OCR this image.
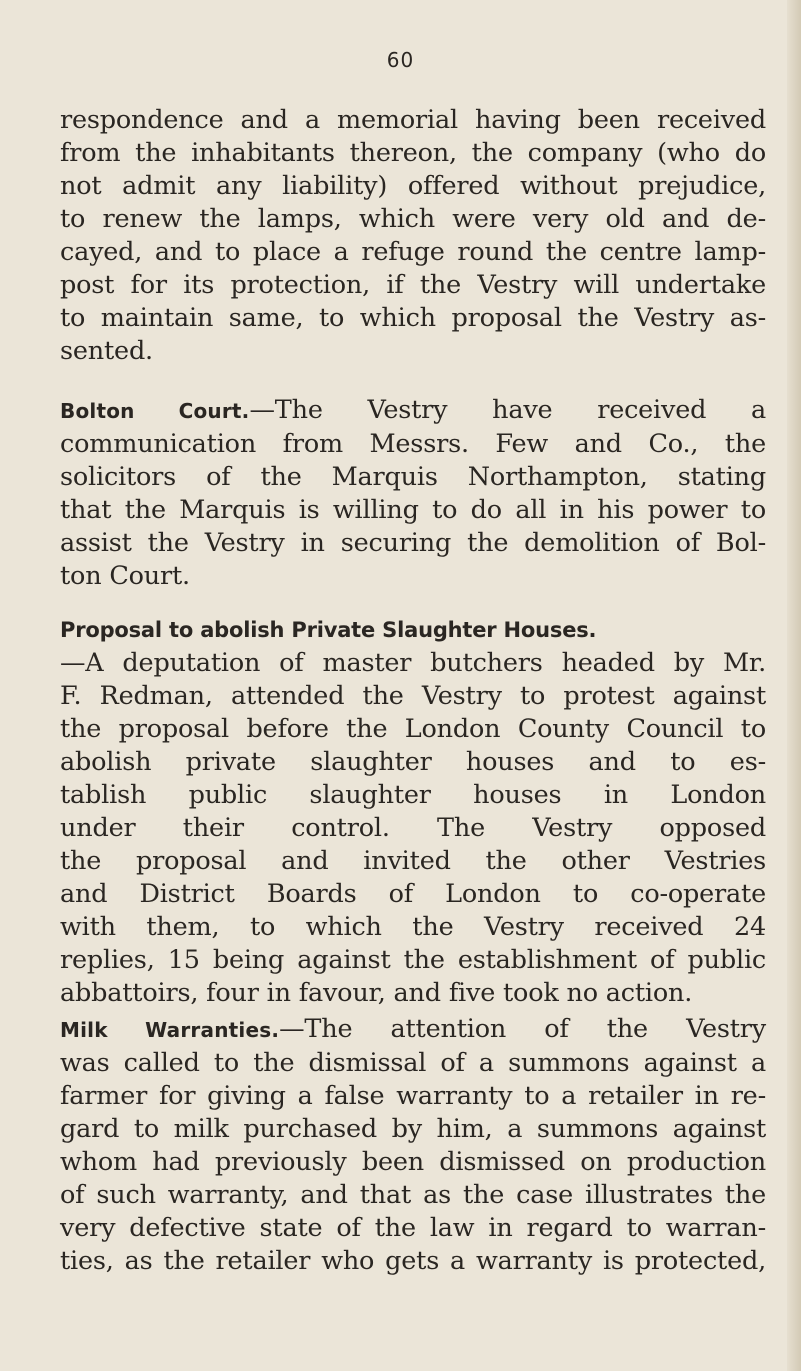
60
respondence and a memorial having been received
from the inhabitants thereon, the company (who do
not admit any liability) offered without prejudice,
to renew the lamps, which were very old and de-
cayed, and to place a refuge round the centre lamp-
post for its protection, if the Vestry will undertake
to maintain same, to which proposal the Vestry as-
sented.
Bolton Court.—The Vestry have received a
communication from Messrs. Few and Co., the
solicitors of the Marquis Northampton, stating
that the Marquis is willing to do all in his power to
assist the Vestry in securing the demolition of Bol-
ton Court.
Proposal to abolish Private Slaughter Houses.
—A deputation of master butchers headed by Mr.
F. Redman, attended the Vestry to protest against
the proposal before the London County Council to
abolish private slaughter houses and to es-
tablish public slaughter houses in London
under their control. The Vestry opposed
the proposal and invited the other Vestries
and District Boards of London to co-operate
with them, to which the Vestry received 24
replies, 15 being against the establishment of public
abbattoirs, four in favour, and five took no action.
Milk Warranties.—The attention of the Vestry
was called to the dismissal of a summons against a
farmer for giving a false warranty to a retailer in re-
gard to milk purchased by him, a summons against
whom had previously been dismissed on production
of such warranty, and that as the case illustrates the
very defective state of the law in regard to warran-
ties, as the retailer who gets a warranty is protected,
